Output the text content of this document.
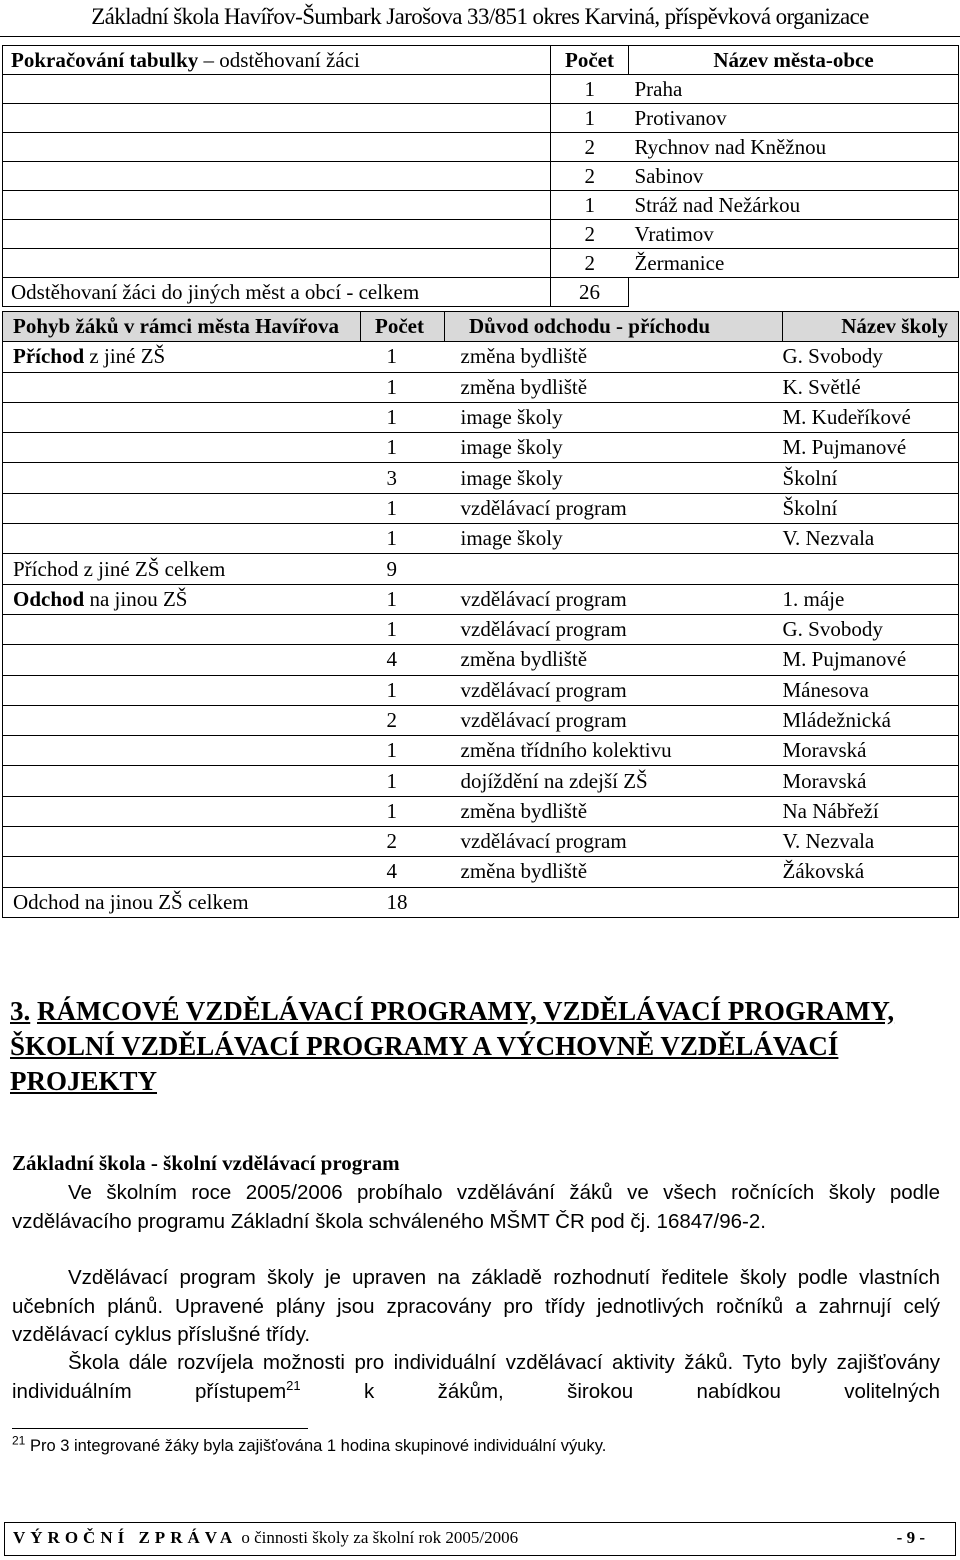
Základní škola Havířov-Šumbark Jarošova 33/851 okres Karviná, příspěvková organizace
Pokračování tabulky – odstěhovaní žáci	Počet	Název města-obce
	1	Praha
	1	Protivanov
	2	Rychnov nad Kněžnou
	2	Sabinov
	1	Stráž nad Nežárkou
	2	Vratimov
	2	Žermanice
Odstěhovaní žáci do jiných měst a obcí - celkem	26	
Pohyb žáků v rámci města Havířova	Počet	Důvod odchodu - příchodu	Název školy
Příchod z jiné ZŠ	1	změna bydliště	G. Svobody
	1	změna bydliště	K. Světlé
	1	image školy	M. Kudeříkové
	1	image školy	M. Pujmanové
	3	image školy	Školní
	1	vzdělávací program	Školní
	1	image školy	V. Nezvala
Příchod z jiné ZŠ celkem	9		
Odchod na jinou ZŠ	1	vzdělávací program	1. máje
	1	vzdělávací program	G. Svobody
	4	změna bydliště	M. Pujmanové
	1	vzdělávací program	Mánesova
	2	vzdělávací program	Mládežnická
	1	změna třídního kolektivu	Moravská
	1	dojíždění na zdejší ZŠ	Moravská
	1	změna bydliště	Na Nábřeží
	2	vzdělávací program	V. Nezvala
	4	změna bydliště	Žákovská
Odchod na jinou ZŠ celkem	18		
3. RÁMCOVÉ VZDĚLÁVACÍ PROGRAMY, VZDĚLÁVACÍ PROGRAMY, ŠKOLNÍ VZDĚLÁVACÍ PROGRAMY A VÝCHOVNĚ VZDĚLÁVACÍ PROJEKTY
Základní škola - školní vzdělávací program
Ve školním roce 2005/2006 probíhalo vzdělávání žáků ve všech ročnících školy podle vzdělávacího programu Základní škola schváleného MŠMT ČR pod čj. 16847/96-2.
Vzdělávací program školy je upraven na základě rozhodnutí ředitele školy podle vlastních učebních plánů. Upravené plány jsou zpracovány pro třídy jednotlivých ročníků a zahrnují celý vzdělávací cyklus příslušné třídy.
Škola dále rozvíjela možnosti pro individuální vzdělávací aktivity žáků. Tyto byly zajišťovány individuálním přístupem$^{21}$ k žákům, širokou nabídkou volitelných
$^{21}$ Pro 3 integrované žáky byla zajišťována 1 hodina skupinové individuální výuky.
VÝROČNÍ ZPRÁVA o činnosti školy za školní rok 2005/2006	- 9 -
